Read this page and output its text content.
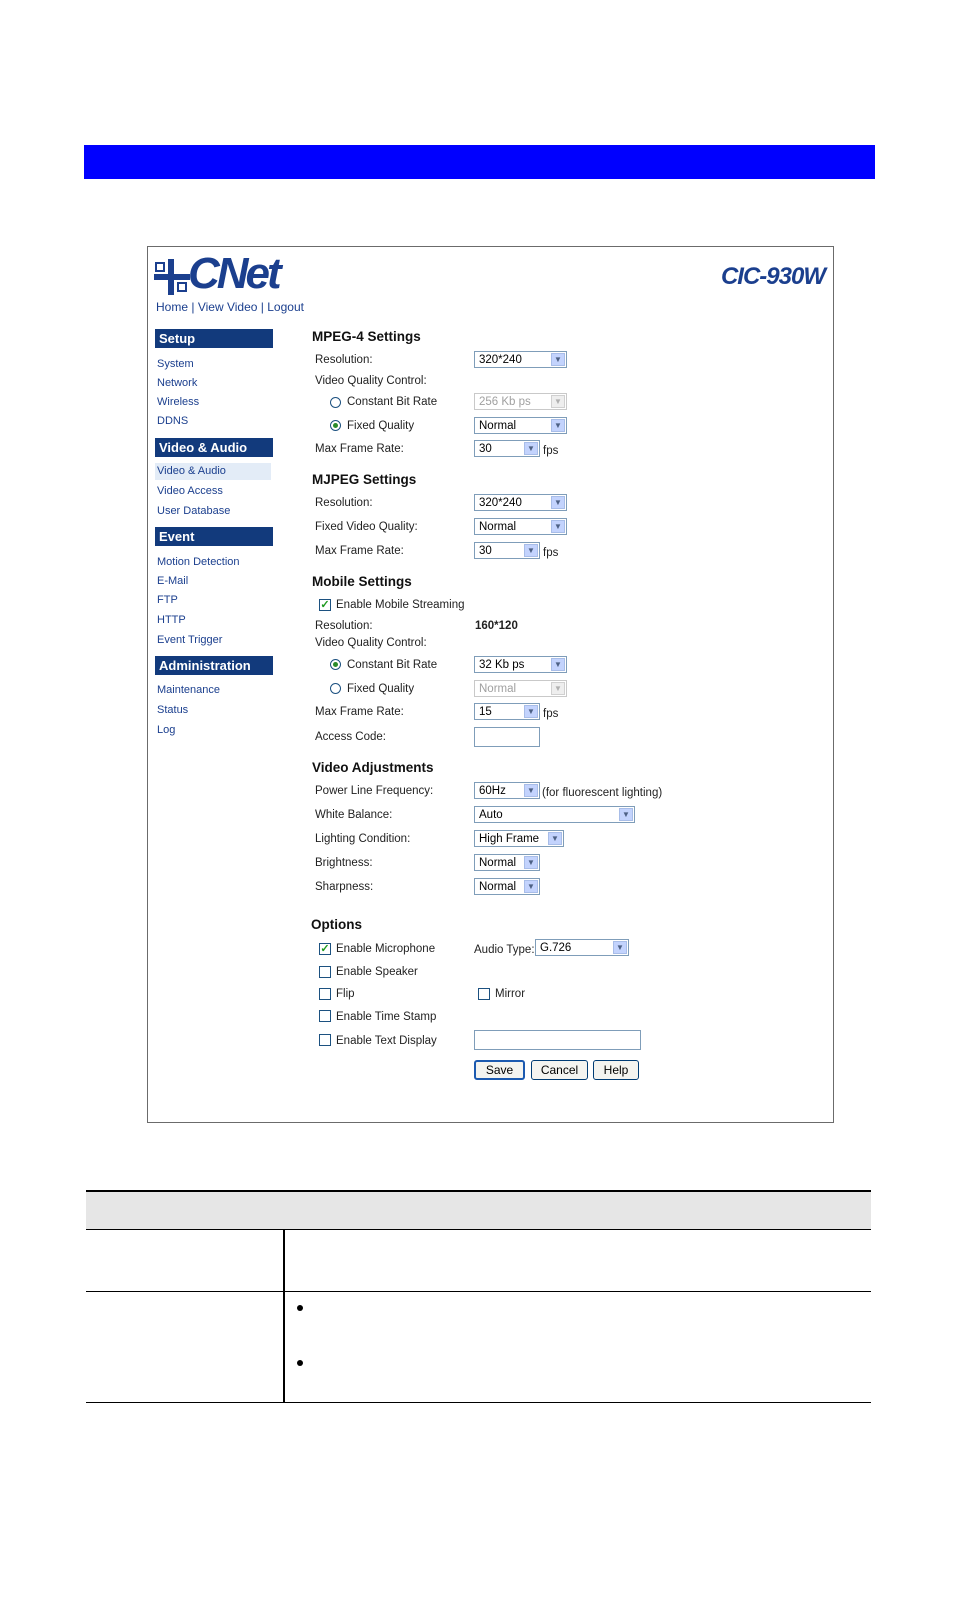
CNet	CIC-930W
Home | View Video | Logout
Setup
System
Network
Wireless
DDNS
Video & Audio
Video & Audio
Video Access
User Database
Event
Motion Detection
E-Mail
FTP
HTTP
Event Trigger
Administration
Maintenance
Status
Log
MPEG-4 Settings
Resolution:	320*240	▼
Video Quality Control:
Constant Bit Rate	256 Kb ps	▼
Fixed Quality	Normal	▼
Max Frame Rate:	30	▼ fps
MJPEG Settings
Resolution:	320*240	▼
Fixed Video Quality:	Normal	▼
Max Frame Rate:	30	▼ fps
Mobile Settings
✓ Enable Mobile Streaming
Resolution:	160*120
Video Quality Control:
Constant Bit Rate	32 Kb ps	▼
Fixed Quality	Normal	▼
Max Frame Rate:	15	▼ fps
Access Code:
Video Adjustments
Power Line Frequency:	60Hz	▼ (for fluorescent lighting)
White Balance:	Auto	▼
Lighting Condition:	High Frame	▼
Brightness:	Normal	▼
Sharpness:	Normal	▼
Options
✓ Enable Microphone	Audio Type: G.726	▼
Enable Speaker
Flip	Mirror
Enable Time Stamp
Enable Text Display
Save	Cancel	Help
